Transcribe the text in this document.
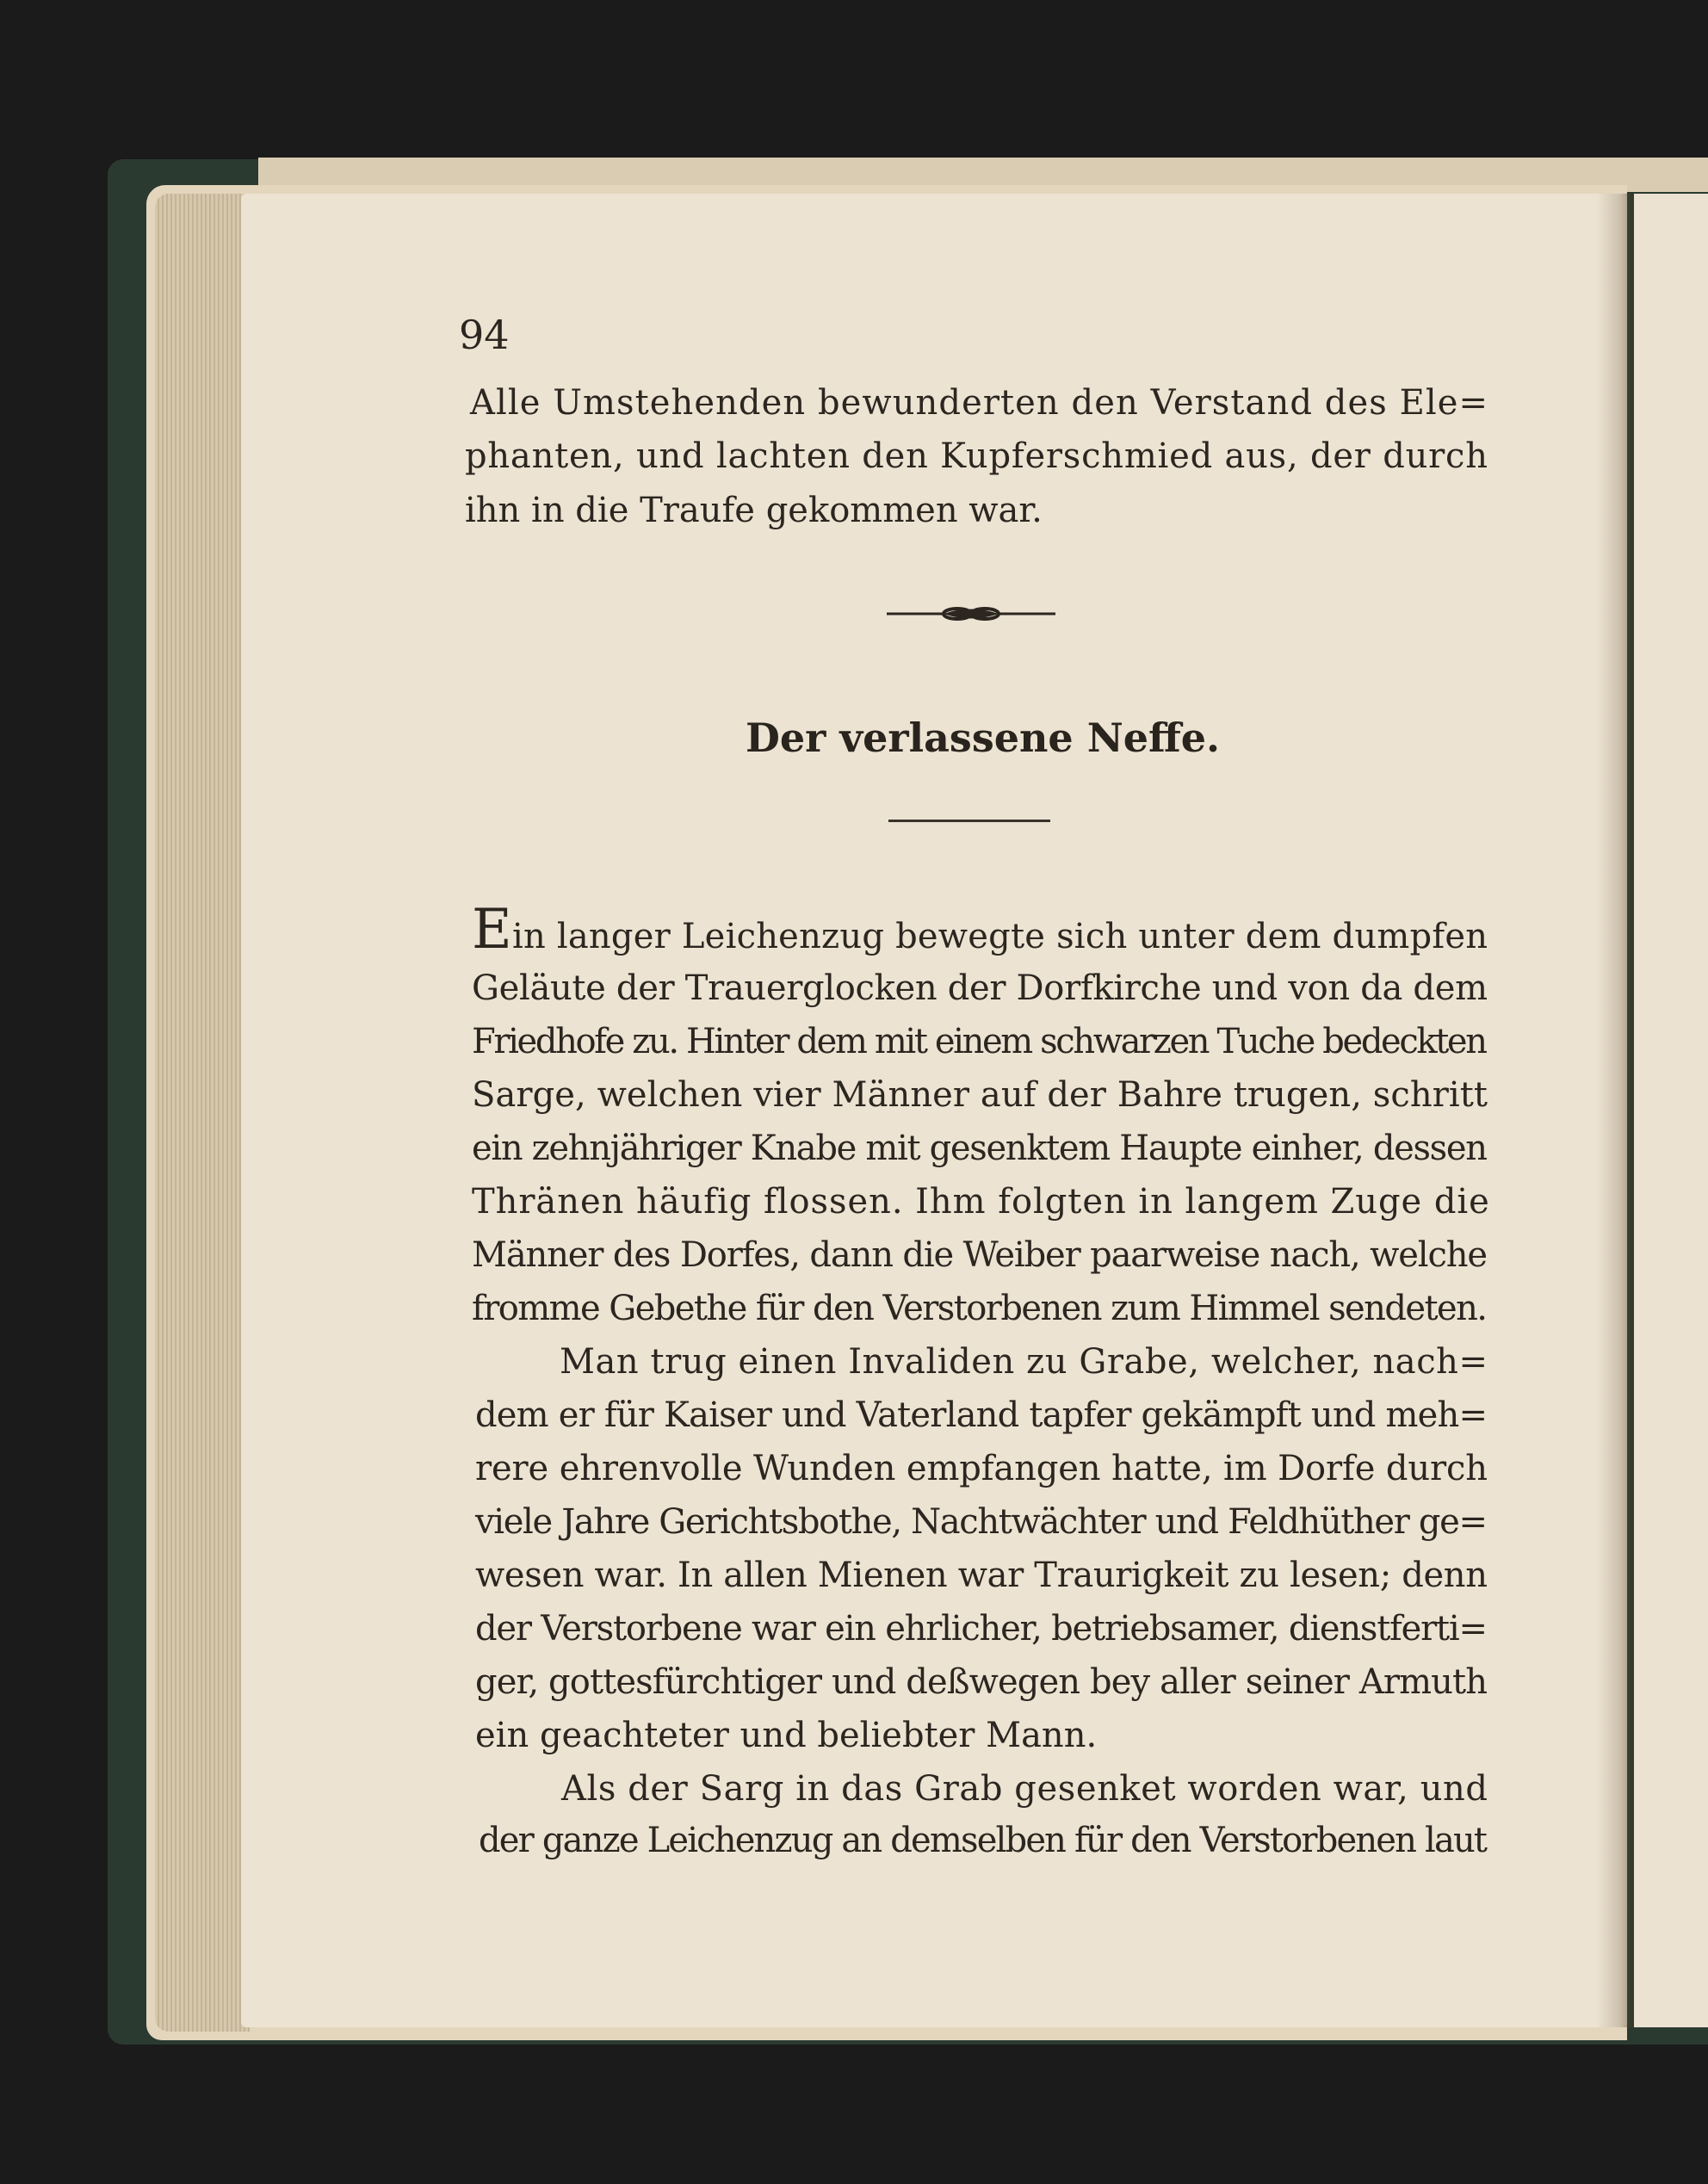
94
Alle Umstehenden bewunderten den Verstand des Ele=
phanten, und lachten den Kupferschmied aus, der durch
ihn in die Traufe gekommen war.
Der verlassene Neffe.
Ein langer Leichenzug bewegte sich unter dem dumpfen
Geläute der Trauerglocken der Dorfkirche und von da dem
Friedhofe zu. Hinter dem mit einem schwarzen Tuche bedeckten
Sarge, welchen vier Männer auf der Bahre trugen, schritt
ein zehnjähriger Knabe mit gesenktem Haupte einher, dessen
Thränen häufig flossen. Ihm folgten in langem Zuge die
Männer des Dorfes, dann die Weiber paarweise nach, welche
fromme Gebethe für den Verstorbenen zum Himmel sendeten.
Man trug einen Invaliden zu Grabe, welcher, nach=
dem er für Kaiser und Vaterland tapfer gekämpft und meh=
rere ehrenvolle Wunden empfangen hatte, im Dorfe durch
viele Jahre Gerichtsbothe, Nachtwächter und Feldhüther ge=
wesen war. In allen Mienen war Traurigkeit zu lesen; denn
der Verstorbene war ein ehrlicher, betriebsamer, dienstferti=
ger, gottesfürchtiger und deßwegen bey aller seiner Armuth
ein geachteter und beliebter Mann.
Als der Sarg in das Grab gesenket worden war, und
der ganze Leichenzug an demselben für den Verstorbenen laut
